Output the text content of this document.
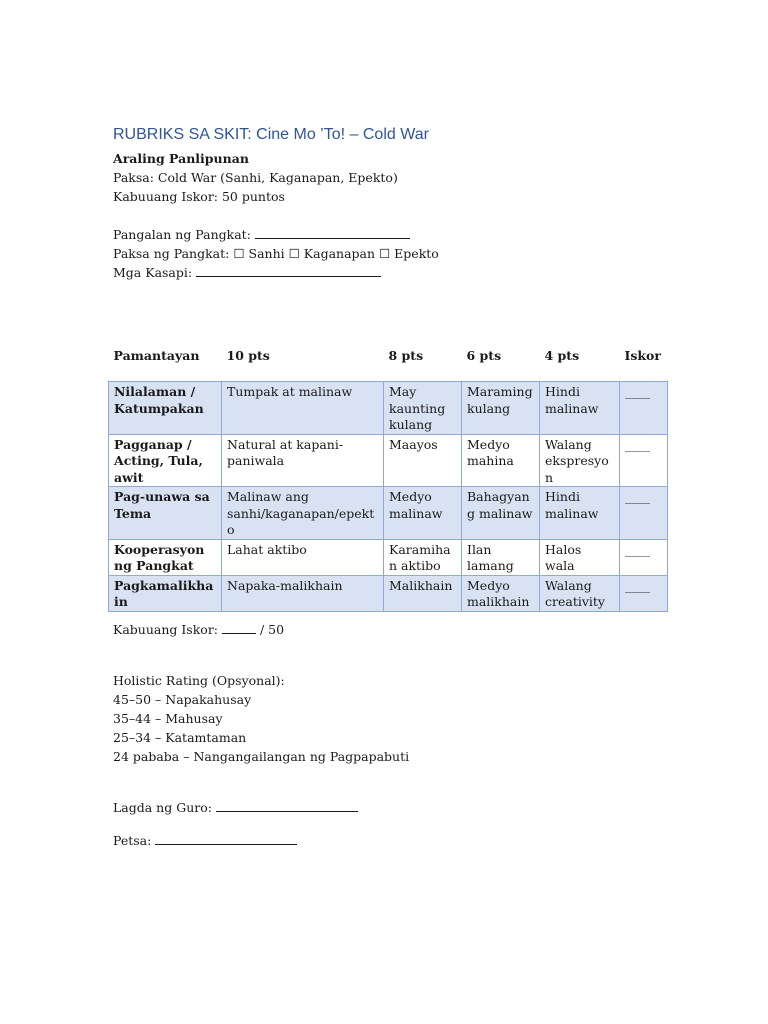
RUBRIKS SA SKIT: Cine Mo ’To! – Cold War
Araling Panlipunan
Paksa: Cold War (Sanhi, Kaganapan, Epekto)
Kabuuang Iskor: 50 puntos
Pangalan ng Pangkat:
Paksa ng Pangkat: ☐ Sanhi ☐ Kaganapan ☐ Epekto
Mga Kasapi:
Pamantayan	10 pts	8 pts	6 pts	4 pts	Iskor
Nilalaman / Katumpakan	Tumpak at malinaw	May kaunting kulang	Maraming kulang	Hindi malinaw	____
Pagganap / Acting, Tula, awit	Natural at kapani-paniwala	Maayos	Medyo mahina	Walang ekspresyon	____
Pag-unawa sa Tema	Malinaw ang sanhi/kaganapan/epekto	Medyo malinaw	Bahagyang malinaw	Hindi malinaw	____
Kooperasyon ng Pangkat	Lahat aktibo	Karamihan aktibo	Ilan lamang	Halos wala	____
Pagkamalikhain	Napaka-malikhain	Malikhain	Medyo malikhain	Walang creativity	____
Kabuuang Iskor:	/ 50
Holistic Rating (Opsyonal):
45–50 – Napakahusay
35–44 – Mahusay
25–34 – Katamtaman
24 pababa – Nangangailangan ng Pagpapabuti
Lagda ng Guro:
Petsa:
